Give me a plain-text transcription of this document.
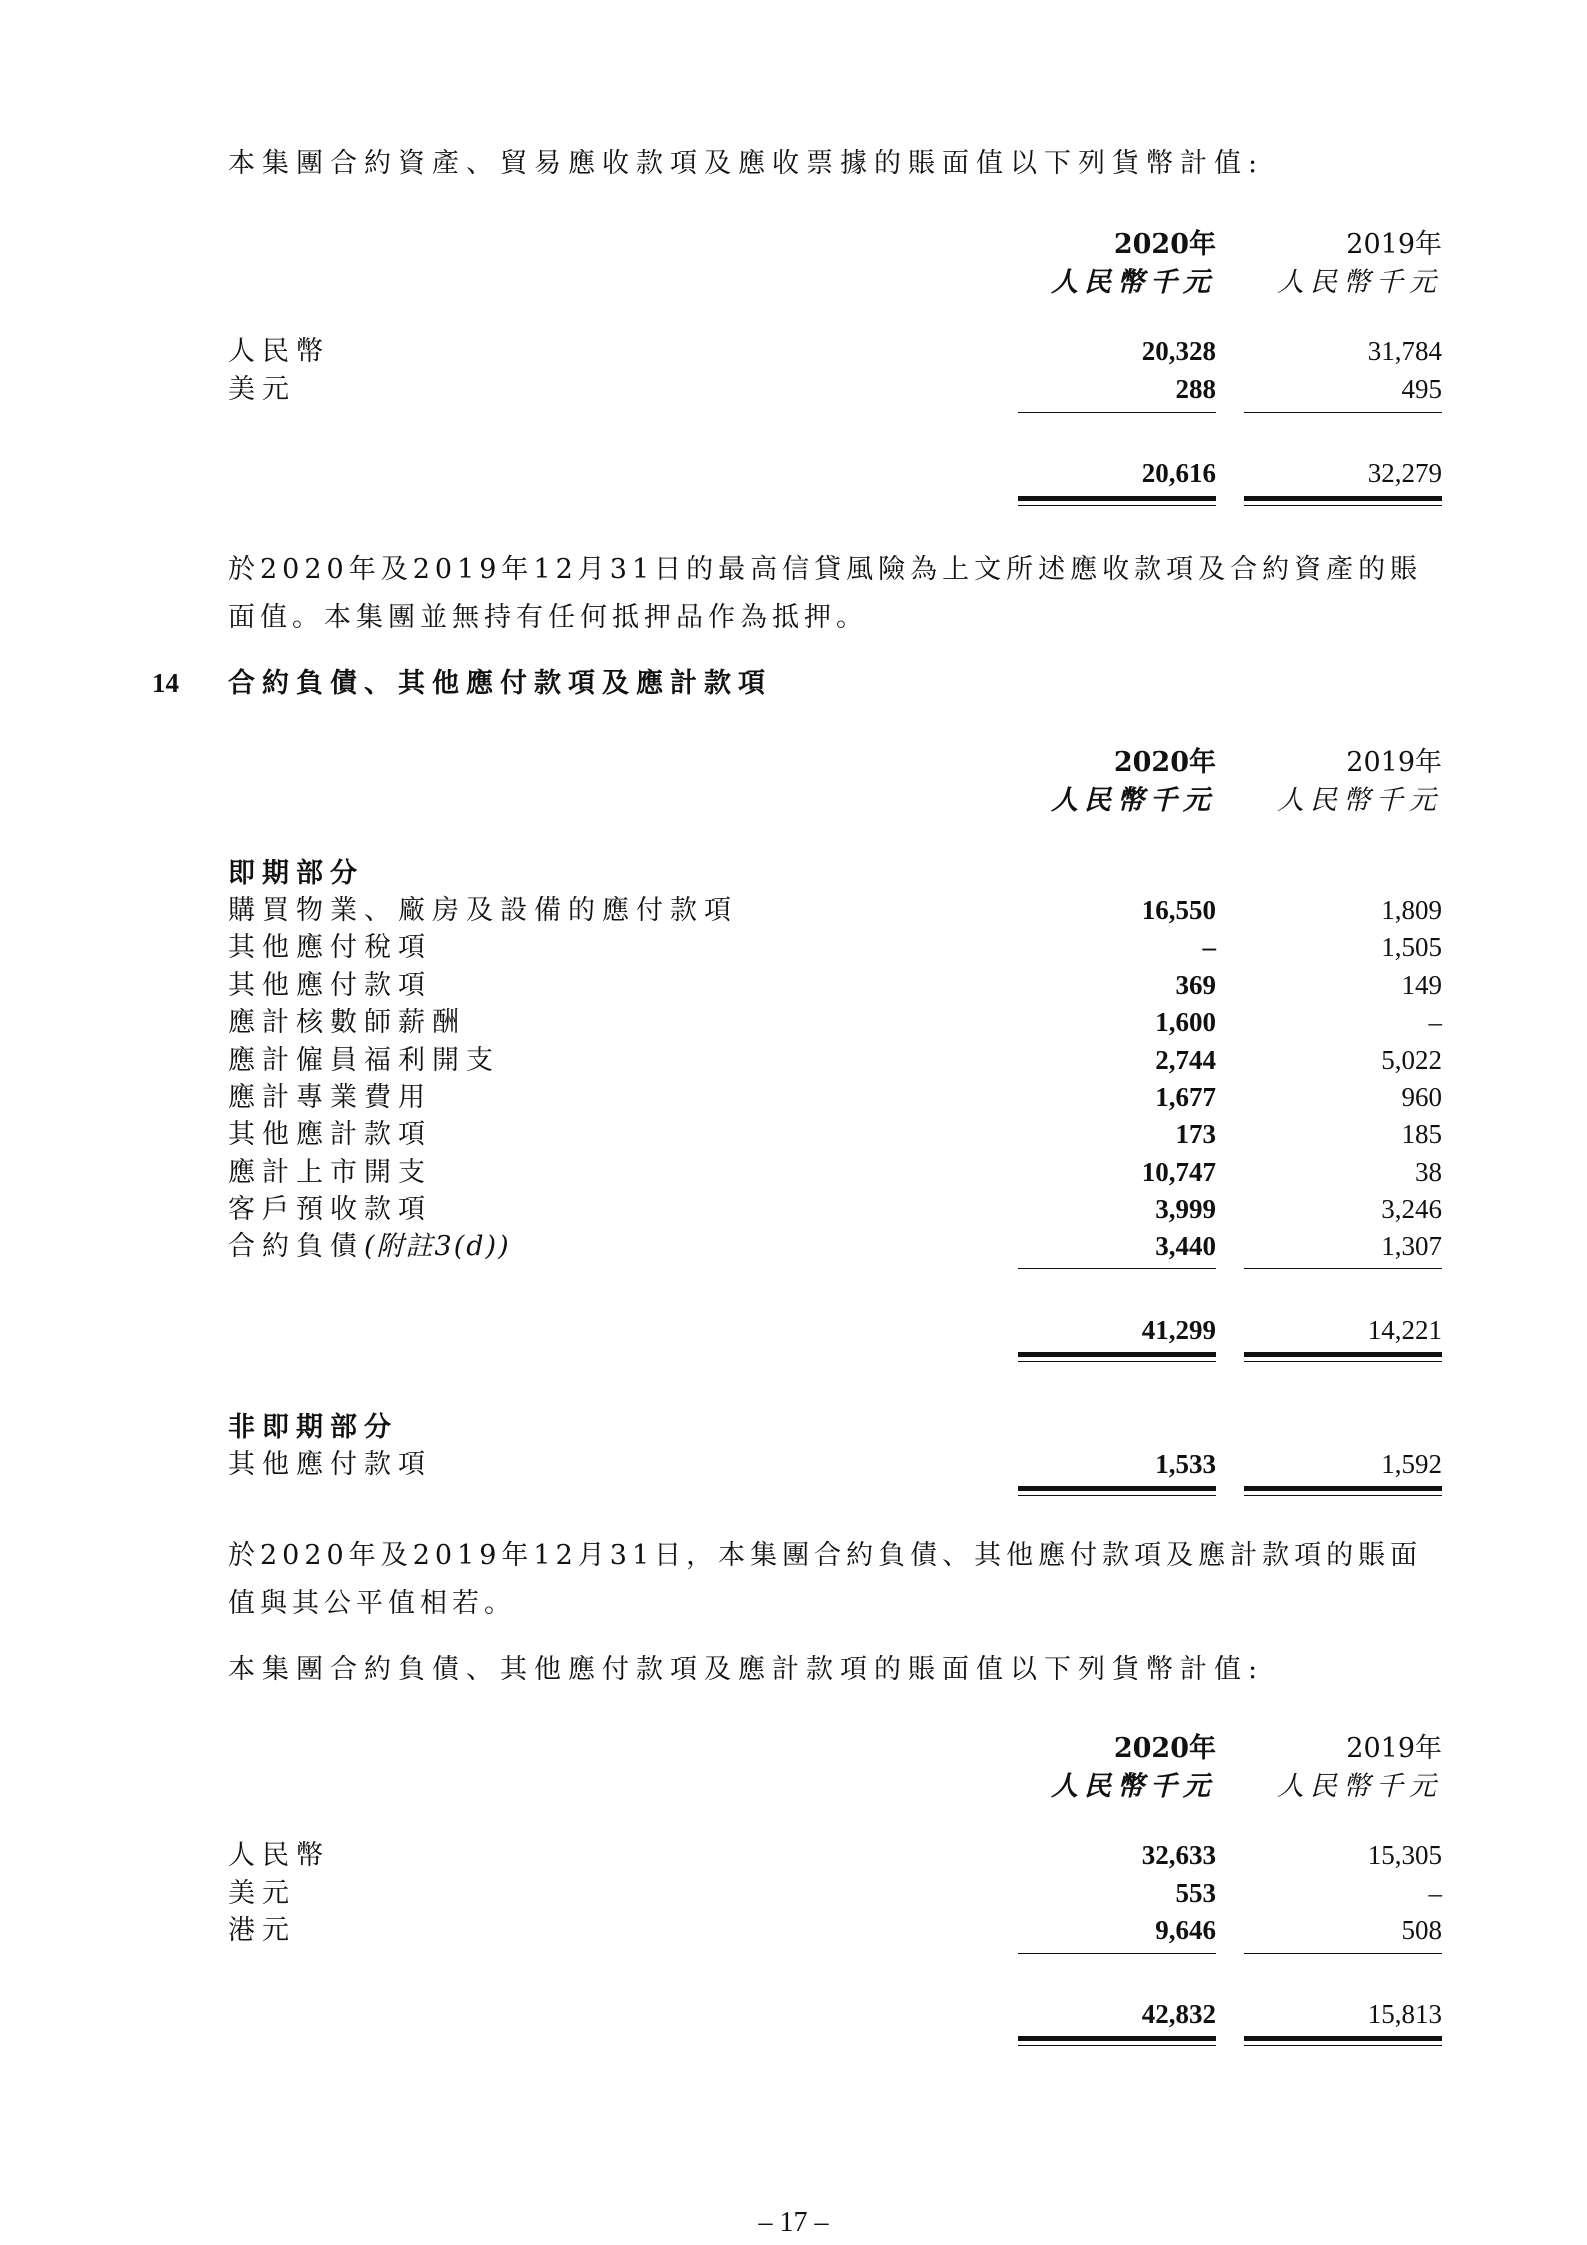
本集團合約資產、貿易應收款項及應收票據的賬面值以下列貨幣計值:
2020年	2019年
人民幣千元 人民幣千元
人民幣	20,328	31,784
美元	288	495
20,616	32,279
於2020年及2019年12月31日的最高信貸風險為上文所述應收款項及合約資產的賬面值。本集團並無持有任何抵押品作為抵押。
14 合約負債、其他應付款項及應計款項
2020年	2019年
人民幣千元 人民幣千元
即期部分
購買物業、廠房及設備的應付款項	16,550	1,809
其他應付稅項	–	1,505
其他應付款項	369	149
應計核數師薪酬	1,600	–
應計僱員福利開支	2,744	5,022
應計專業費用	1,677	960
其他應計款項	173	185
應計上市開支	10,747	38
客戶預收款項	3,999	3,246
合約負債(附註3(d))	3,440	1,307
41,299	14,221
非即期部分
其他應付款項	1,533	1,592
於2020年及2019年12月31日，本集團合約負債、其他應付款項及應計款項的賬面值與其公平值相若。
本集團合約負債、其他應付款項及應計款項的賬面值以下列貨幣計值:
2020年	2019年
人民幣千元 人民幣千元
人民幣	32,633	15,305
美元	553	–
港元	9,646	508
42,832	15,813
– 17 –
